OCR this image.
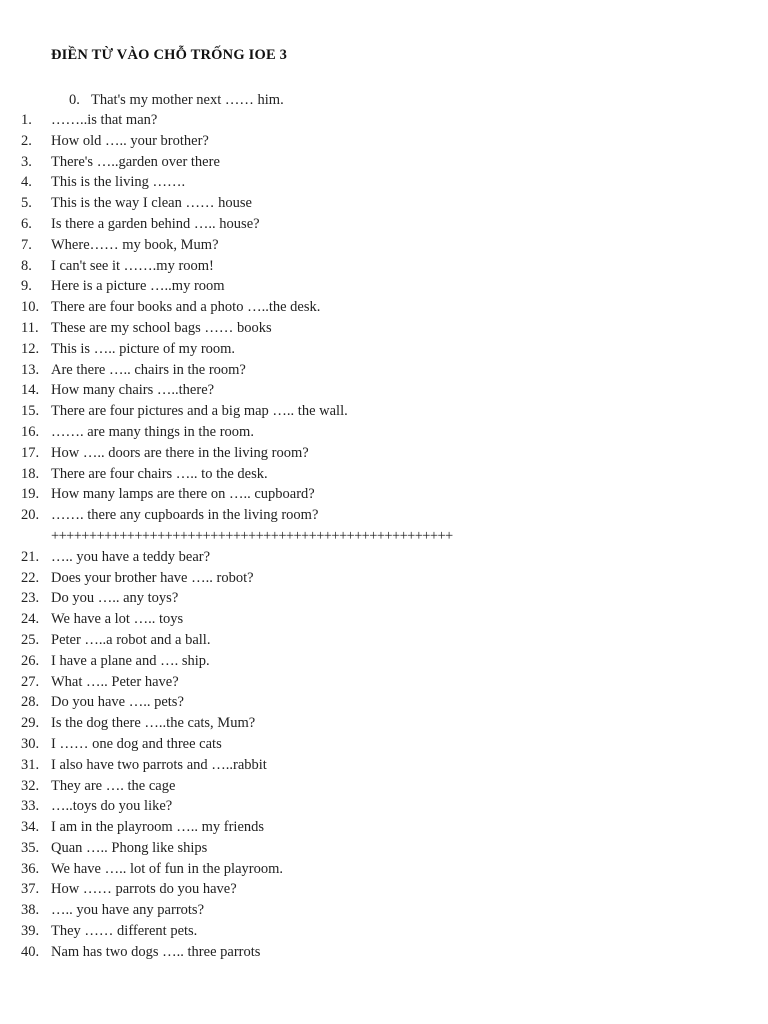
ĐIỀN TỪ VÀO CHỖ TRỐNG IOE 3
0. That's my mother next …… him.
1.	……..is that man?
2.	How old ….. your brother?
3.	There's …..garden over there
4.	This is the living …….
5.	This is the way I clean …… house
6.	Is there a garden behind ….. house?
7.	Where…… my book, Mum?
8.	I can't see it …….my room!
9.	Here is a picture …..my room
10. There are four books and a photo …..the desk.
11. These are my school bags …… books
12. This is ….. picture of my room.
13. Are there ….. chairs in the room?
14. How many chairs …..there?
15. There are four pictures and a big map ….. the wall.
16. ……. are many things in the room.
17. How ….. doors are there in the living room?
18. There are four chairs ….. to the desk.
19. How many lamps are there on ….. cupboard?
20. ……. there any cupboards in the living room?
+++++++++++++++++++++++++++++++++++++++++++++++++++++
21. ….. you have a teddy bear?
22. Does your brother have ….. robot?
23. Do you ….. any toys?
24. We have a lot ….. toys
25. Peter …..a robot and a ball.
26. I have a plane and …. ship.
27. What ….. Peter have?
28. Do you have ….. pets?
29. Is the dog there …..the cats, Mum?
30. I …… one dog and three cats
31. I also have two parrots and …..rabbit
32. They are …. the cage
33. …..toys do you like?
34. I am in the playroom ….. my friends
35. Quan ….. Phong like ships
36. We have ….. lot of fun in the playroom.
37. How …… parrots do you have?
38. ….. you have any parrots?
39. They …… different pets.
40. Nam has two dogs ….. three parrots
